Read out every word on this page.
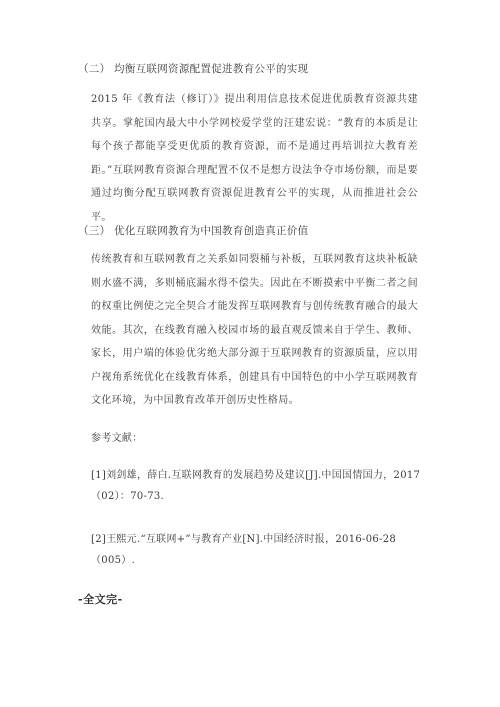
（二） 均衡互联网资源配置促进教育公平的实现
2015 年《教育法（修订）》提出利用信息技术促进优质教育资源共建共享。掌舵国内最大中小学网校爱学堂的汪建宏说：“教育的本质是让每个孩子都能享受更优质的教育资源，而不是通过再培训拉大教育差距。”互联网教育资源合理配置不仅不是想方设法争夺市场份额，而是要通过均衡分配互联网教育资源促进教育公平的实现，从而推进社会公平。
（三） 优化互联网教育为中国教育创造真正价值
传统教育和互联网教育之关系如同裂桶与补板，互联网教育这块补板缺则水盛不满，多则桶底漏水得不偿失。因此在不断摸索中平衡二者之间的权重比例使之完全契合才能发挥互联网教育与创传统教育融合的最大效能。其次，在线教育融入校园市场的最直观反馈来自于学生、教师、家长，用户端的体验优劣绝大部分源于互联网教育的资源质量，应以用户视角系统优化在线教育体系，创建具有中国特色的中小学互联网教育文化环境，为中国教育改革开创历史性格局。
参考文献：
[1]刘剑雄，薛白.互联网教育的发展趋势及建议[J].中国国情国力，2017（02）：70-73.
[2]王熙元.“互联网+”与教育产业[N].中国经济时报，2016-06-28（005）.
-全文完-
